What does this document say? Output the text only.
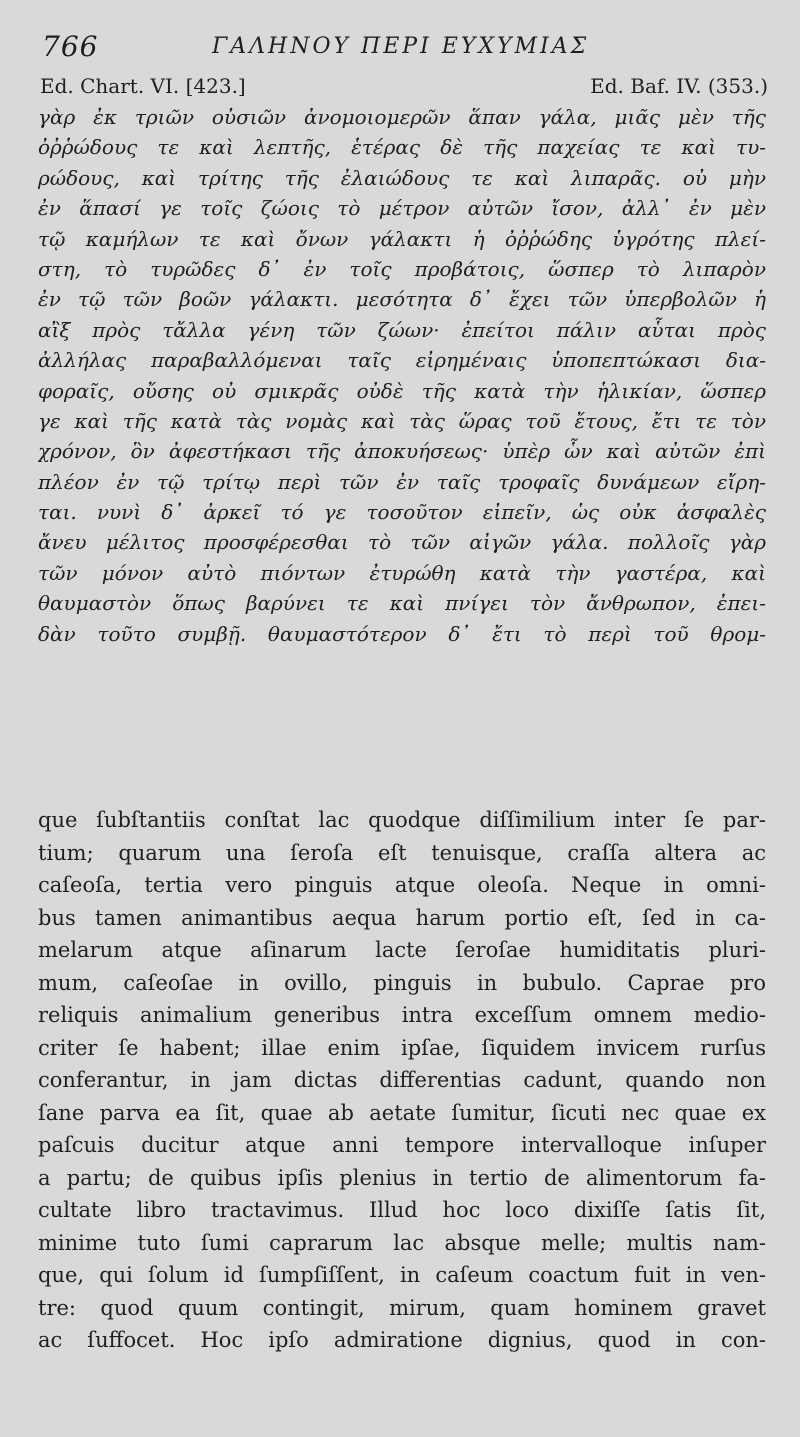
766	ΓΑΛΗΝΟΥ ΠΕΡΙ ΕΥΧΥΜΙΑΣ
Ed. Chart. VI. [423.]	Ed. Baf. IV. (353.)
γὰρ ἐκ τριῶν οὐσιῶν ἀνομοιομερῶν ἅπαν γάλα, μιᾶς μὲν τῆς
ὀῤῥώδους τε καὶ λεπτῆς, ἑτέρας δὲ τῆς παχείας τε καὶ τυ-
ρώδους, καὶ τρίτης τῆς ἐλαιώδους τε καὶ λιπαρᾶς. οὐ μὴν
ἐν ἅπασί γε τοῖς ζώοις τὸ μέτρον αὐτῶν ἴσον, ἀλλ᾽ ἐν μὲν
τῷ καμήλων τε καὶ ὄνων γάλακτι ἡ ὀῤῥώδης ὑγρότης πλεί-
στη, τὸ τυρῶδες δ᾽ ἐν τοῖς προβάτοις, ὥσπερ τὸ λιπαρὸν
ἐν τῷ τῶν βοῶν γάλακτι. μεσότητα δ᾽ ἔχει τῶν ὑπερβολῶν ἡ
αἲξ πρὸς τἄλλα γένη τῶν ζώων· ἐπείτοι πάλιν αὗται πρὸς
ἀλλήλας παραβαλλόμεναι ταῖς εἰρημέναις ὑποπεπτώκασι δια-
φοραῖς, οὔσης οὐ σμικρᾶς οὐδὲ τῆς κατὰ τὴν ἡλικίαν, ὥσπερ
γε καὶ τῆς κατὰ τὰς νομὰς καὶ τὰς ὥρας τοῦ ἔτους, ἔτι τε τὸν
χρόνον, ὃν ἀφεστήκασι τῆς ἀποκυήσεως· ὑπὲρ ὧν καὶ αὐτῶν ἐπὶ
πλέον ἐν τῷ τρίτῳ περὶ τῶν ἐν ταῖς τροφαῖς δυνάμεων εἴρη-
ται. νυνὶ δ᾽ ἀρκεῖ τό γε τοσοῦτον εἰπεῖν, ὡς οὐκ ἀσφαλὲς
ἄνευ μέλιτος προσφέρεσθαι τὸ τῶν αἰγῶν γάλα. πολλοῖς γὰρ
τῶν μόνον αὐτὸ πιόντων ἐτυρώθη κατὰ τὴν γαστέρα, καὶ
θαυμαστὸν ὅπως βαρύνει τε καὶ πνίγει τὸν ἄνθρωπον, ἐπει-
δὰν τοῦτο συμβῇ. θαυμαστότερον δ᾽ ἔτι τὸ περὶ τοῦ θρομ-
que ſubſtantiis conſtat lac quodque diſſimilium inter ſe par-
tium; quarum una ſeroſa eſt tenuisque, craſſa altera ac
caſeoſa, tertia vero pinguis atque oleoſa. Neque in omni-
bus tamen animantibus aequa harum portio eſt, ſed in ca-
melarum atque aſinarum lacte ſeroſae humiditatis pluri-
mum, caſeoſae in ovillo, pinguis in bubulo. Caprae pro
reliquis animalium generibus intra exceſſum omnem medio-
criter ſe habent; illae enim ipſae, ſiquidem invicem rurſus
conferantur, in jam dictas differentias cadunt, quando non
ſane parva ea ſit, quae ab aetate ſumitur, ſicuti nec quae ex
paſcuis ducitur atque anni tempore intervalloque inſuper
a partu; de quibus ipſis plenius in tertio de alimentorum fa-
cultate libro tractavimus. Illud hoc loco dixiſſe ſatis ſit,
minime tuto ſumi caprarum lac absque melle; multis nam-
que, qui ſolum id ſumpſiſſent, in caſeum coactum fuit in ven-
tre: quod quum contingit, mirum, quam hominem gravet
ac ſuffocet. Hoc ipſo admiratione dignius, quod in con-
